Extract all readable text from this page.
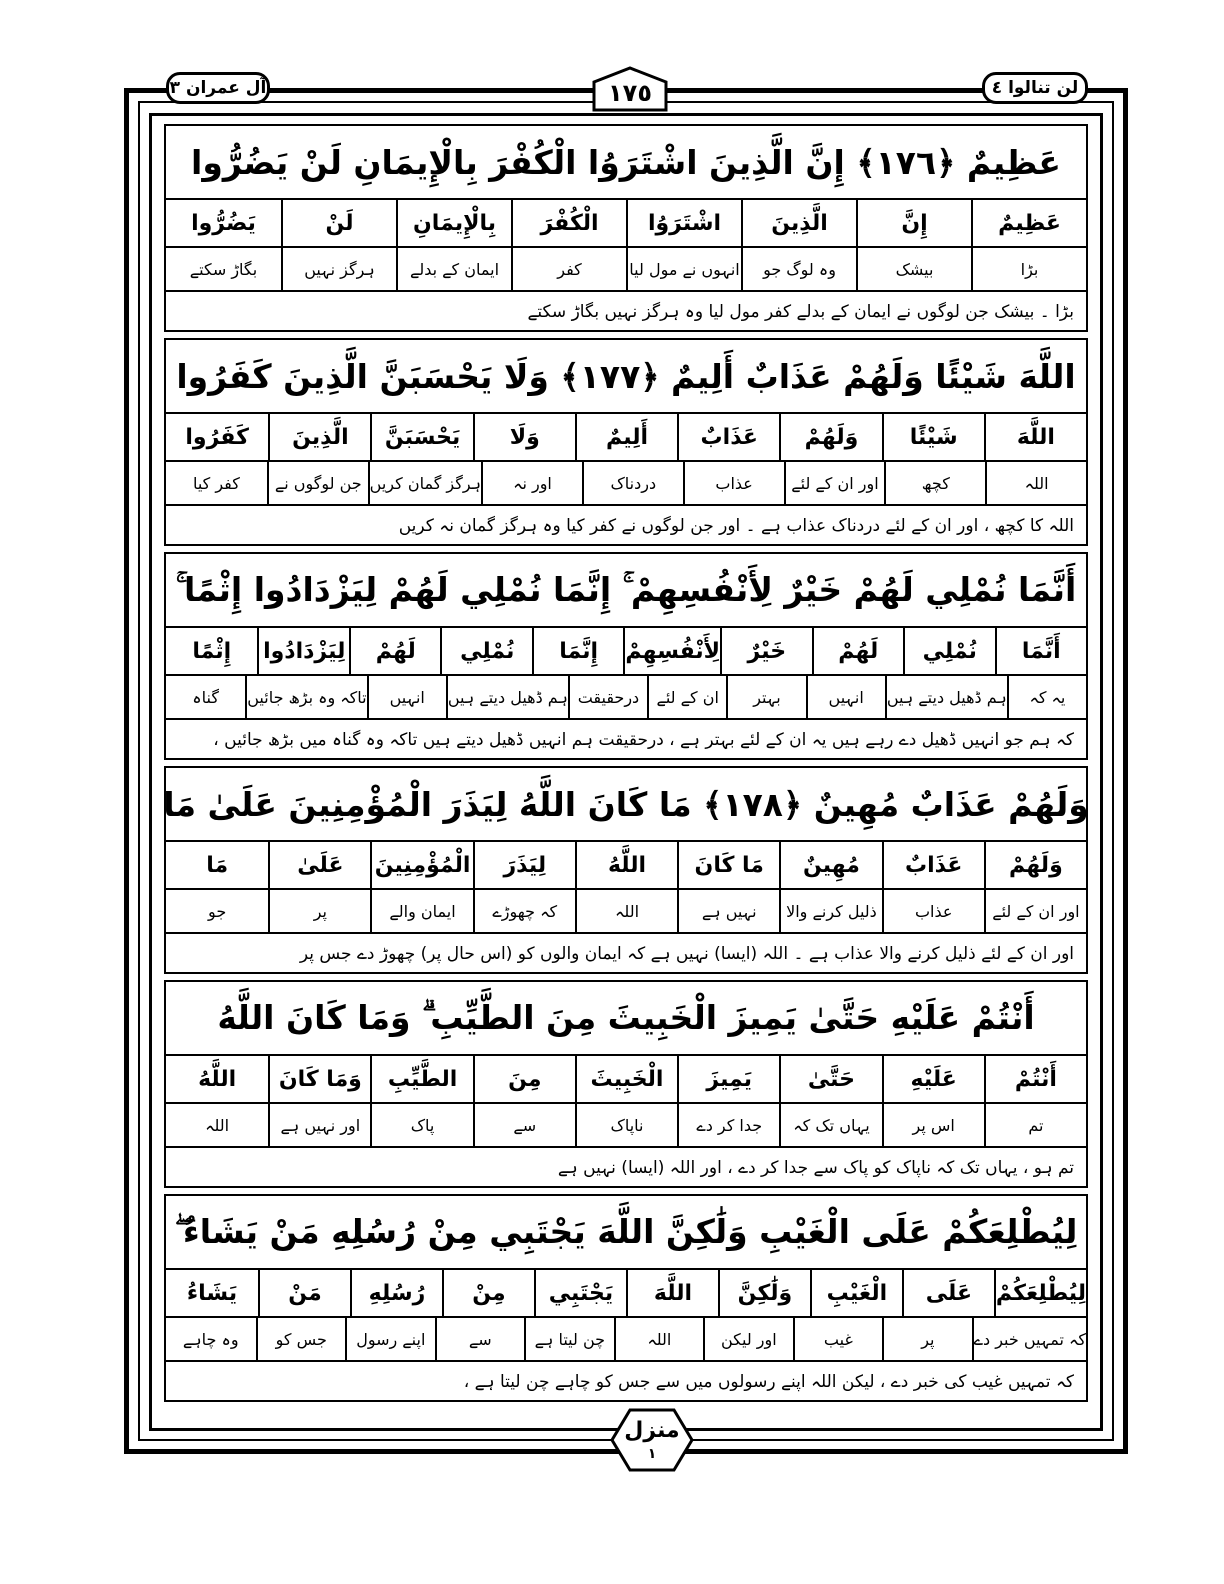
آل عمران ٣	لن تنالوا ٤
١٧٥
عَظِيمٌ ﴿١٧٦﴾ إِنَّ الَّذِينَ اشْتَرَوُا الْكُفْرَ بِالْإِيمَانِ لَنْ يَضُرُّوا
عَظِيمٌ
إِنَّ
الَّذِينَ
اشْتَرَوُا
الْكُفْرَ
بِالْإِيمَانِ
لَنْ
يَضُرُّوا
بڑا
بیشک
وہ لوگ جو
انہوں نے مول لیا
کفر
ایمان کے بدلے
ہرگز نہیں
بگاڑ سکتے
بڑا ۔ بیشک جن لوگوں نے ایمان کے بدلے کفر مول لیا وہ ہرگز نہیں بگاڑ سکتے
اللَّهَ شَيْئًا وَلَهُمْ عَذَابٌ أَلِيمٌ ﴿١٧٧﴾ وَلَا يَحْسَبَنَّ الَّذِينَ كَفَرُوا
اللَّهَ
شَيْئًا
وَلَهُمْ
عَذَابٌ
أَلِيمٌ
وَلَا
يَحْسَبَنَّ
الَّذِينَ
كَفَرُوا
اللہ
کچھ
اور ان کے لئے
عذاب
دردناک
اور نہ
ہرگز گمان کریں
جن لوگوں نے
کفر کیا
اللہ کا کچھ ، اور ان کے لئے دردناک عذاب ہے ۔ اور جن لوگوں نے کفر کیا وہ ہرگز گمان نہ کریں
أَنَّمَا نُمْلِي لَهُمْ خَيْرٌ لِأَنْفُسِهِمْ ۚ إِنَّمَا نُمْلِي لَهُمْ لِيَزْدَادُوا إِثْمًا ۚ
أَنَّمَا
نُمْلِي
لَهُمْ
خَيْرٌ
لِأَنْفُسِهِمْ
إِنَّمَا
نُمْلِي
لَهُمْ
لِيَزْدَادُوا
إِثْمًا
یہ کہ
ہم ڈھیل دیتے ہیں
انہیں
بہتر
ان کے لئے
درحقیقت
ہم ڈھیل دیتے ہیں
انہیں
تاکہ وہ بڑھ جائیں
گناہ
کہ ہم جو انہیں ڈھیل دے رہے ہیں یہ ان کے لئے بہتر ہے ، درحقیقت ہم انہیں ڈھیل دیتے ہیں تاکہ وہ گناہ میں بڑھ جائیں ،
وَلَهُمْ عَذَابٌ مُهِينٌ ﴿١٧٨﴾ مَا كَانَ اللَّهُ لِيَذَرَ الْمُؤْمِنِينَ عَلَىٰ مَا
وَلَهُمْ
عَذَابٌ
مُهِينٌ
مَا كَانَ
اللَّهُ
لِيَذَرَ
الْمُؤْمِنِينَ
عَلَىٰ
مَا
اور ان کے لئے
عذاب
ذلیل کرنے والا
نہیں ہے
اللہ
کہ چھوڑے
ایمان والے
پر
جو
اور ان کے لئے ذلیل کرنے والا عذاب ہے ۔ اللہ (ایسا) نہیں ہے کہ ایمان والوں کو (اس حال پر) چھوڑ دے جس پر
أَنْتُمْ عَلَيْهِ حَتَّىٰ يَمِيزَ الْخَبِيثَ مِنَ الطَّيِّبِ ۗ وَمَا كَانَ اللَّهُ
أَنْتُمْ
عَلَيْهِ
حَتَّىٰ
يَمِيزَ
الْخَبِيثَ
مِنَ
الطَّيِّبِ
وَمَا كَانَ
اللَّهُ
تم
اس پر
یہاں تک کہ
جدا کر دے
ناپاک
سے
پاک
اور نہیں ہے
اللہ
تم ہو ، یہاں تک کہ ناپاک کو پاک سے جدا کر دے ، اور اللہ (ایسا) نہیں ہے
لِيُطْلِعَكُمْ عَلَى الْغَيْبِ وَلَٰكِنَّ اللَّهَ يَجْتَبِي مِنْ رُسُلِهِ مَنْ يَشَاءُ ۖ
لِيُطْلِعَكُمْ
عَلَى
الْغَيْبِ
وَلَٰكِنَّ
اللَّهَ
يَجْتَبِي
مِنْ
رُسُلِهِ
مَنْ
يَشَاءُ
کہ تمہیں خبر دے
پر
غیب
اور لیکن
اللہ
چن لیتا ہے
سے
اپنے رسول
جس کو
وہ چاہے
کہ تمہیں غیب کی خبر دے ، لیکن اللہ اپنے رسولوں میں سے جس کو چاہے چن لیتا ہے ،
منزل
١
